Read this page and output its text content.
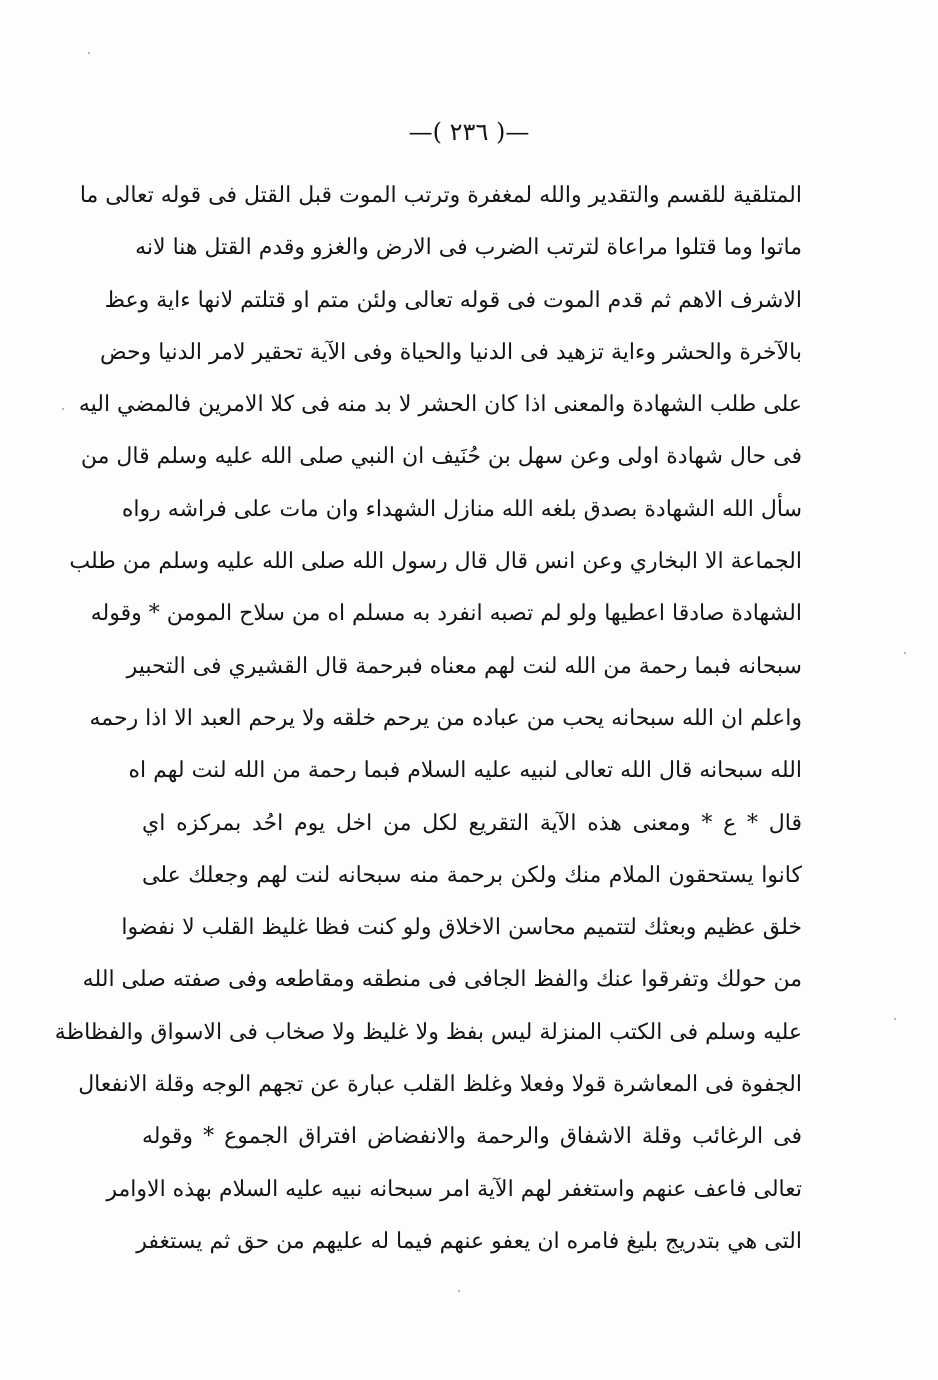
—( ٢٣٦ )—
المتلقية للقسم والتقدير والله لمغفرة وترتب الموت قبل القتل فى قوله تعالى ما
ماتوا وما قتلوا مراعاة لترتب الضرب فى الارض والغزو وقدم القتل هنا لانه
الاشرف الاهم ثم قدم الموت فى قوله تعالى ولئن متم او قتلتم لانها ءاية وعظ
بالآخرة والحشر وءاية تزهيد فى الدنيا والحياة وفى الآية تحقير لامر الدنيا وحض
على طلب الشهادة والمعنى اذا كان الحشر لا بد منه فى كلا الامرين فالمضي اليه
فى حال شهادة اولى وعن سهل بن حُنَيف ان النبي صلى الله عليه وسلم قال من
سأل الله الشهادة بصدق بلغه الله منازل الشهداء وان مات على فراشه رواه
الجماعة الا البخاري وعن انس قال قال رسول الله صلى الله عليه وسلم من طلب
الشهادة صادقا اعطيها ولو لم تصبه انفرد به مسلم اه من سلاح المومن * وقوله
سبحانه فبما رحمة من الله لنت لهم معناه فبرحمة قال القشيري فى التحبير
واعلم ان الله سبحانه يحب من عباده من يرحم خلقه ولا يرحم العبد الا اذا رحمه
الله سبحانه قال الله تعالى لنبيه عليه السلام فبما رحمة من الله لنت لهم اه
قال * ع * ومعنى هذه الآية التقريع لكل من اخل يوم احُد بمركزه اي
كانوا يستحقون الملام منك ولكن برحمة منه سبحانه لنت لهم وجعلك على
خلق عظيم وبعثك لتتميم محاسن الاخلاق ولو كنت فظا غليظ القلب لا نفضوا
من حولك وتفرقوا عنك والفظ الجافى فى منطقه ومقاطعه وفى صفته صلى الله
عليه وسلم فى الكتب المنزلة ليس بفظ ولا غليظ ولا صخاب فى الاسواق والفظاظة
الجفوة فى المعاشرة قولا وفعلا وغلظ القلب عبارة عن تجهم الوجه وقلة الانفعال
فى الرغائب وقلة الاشفاق والرحمة والانفضاض افتراق الجموع * وقوله
تعالى فاعف عنهم واستغفر لهم الآية امر سبحانه نبيه عليه السلام بهذه الاوامر
التى هي بتدريج بليغ فامره ان يعفو عنهم فيما له عليهم من حق ثم يستغفر
